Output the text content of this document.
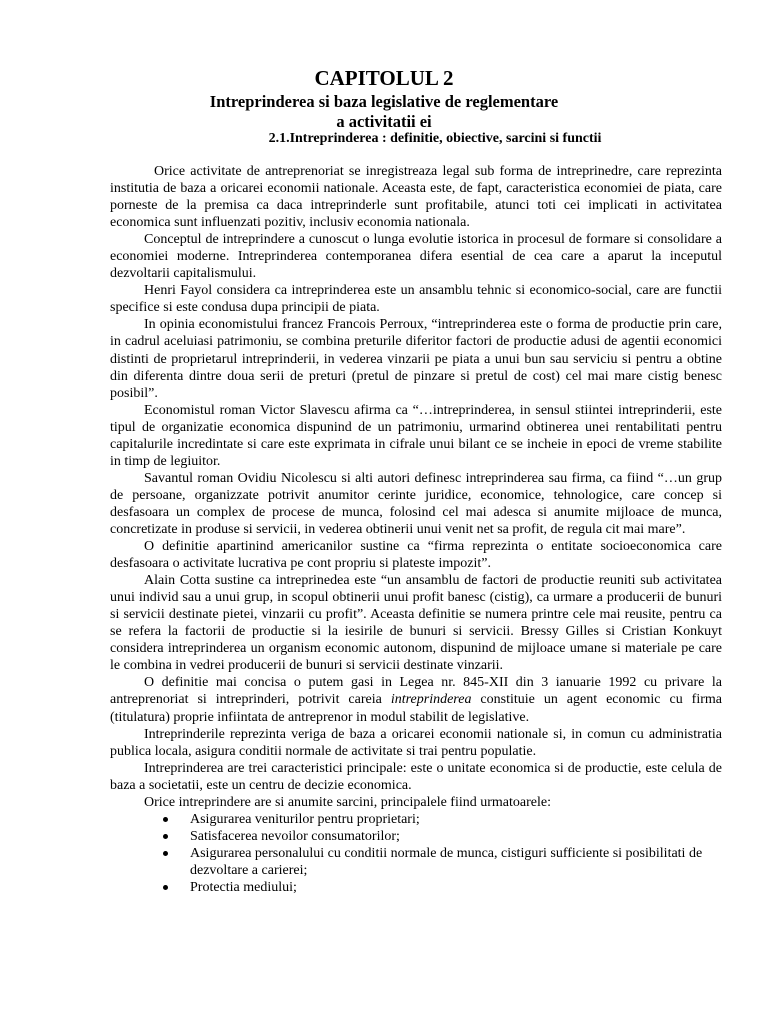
CAPITOLUL 2
Intreprinderea si baza legislative de reglementare
a activitatii ei
2.1.Intreprinderea : definitie, obiective, sarcini si functii

Orice activitate de antreprenoriat se inregistreaza legal sub forma de intreprinedre, care reprezinta institutia de baza a oricarei economii nationale. Aceasta este, de fapt, caracteristica economiei de piata, care porneste de la premisa ca daca intreprinderle sunt profitabile, atunci toti cei implicati in activitatea economica sunt influenzati pozitiv, inclusiv economia nationala.

Conceptul de intreprindere a cunoscut o lunga evolutie istorica in procesul de formare si consolidare a economiei moderne. Intreprinderea contemporaneа difera esential de cea care a aparut la inceputul dezvoltarii capitalismului.

Henri Fayol considera ca intreprinderea este un ansamblu tehnic si economico-social, care are functii specifice si este condusa dupa principii de piata.

In opinia economistului francez Francois Perroux, “intreprinderea este o forma de productie prin care, in cadrul aceluiasi patrimoniu, se combina preturile diferitor factori de productie adusi de agentii economici distinti de proprietarul intreprinderii, in vederea vinzarii pe piata a unui bun sau serviciu si pentru a obtine din diferenta dintre doua serii de preturi (pretul de pinzare si pretul de cost) cel mai mare cistig benesc posibil”.

Economistul roman Victor Slavescu afirma ca “…intreprinderea, in sensul stiintei intreprinderii, este tipul de organizatie economica dispunind de un patrimoniu, urmarind obtinerea unei rentabilitati pentru capitalurile incredintate si care este exprimata in cifrale unui bilant ce se incheie in epoci de vreme stabilite in timp de legiuitor.

Savantul roman Ovidiu Nicolescu si alti autori definesc intreprinderea sau firma, ca fiind “…un grup de persoane, organizzate potrivit anumitor cerinte juridice, economice, tehnologice, care concep si desfasoara un complex de procese de munca, folosind cel mai adesca si anumite mijloace de munca, concretizate in produse si servicii, in vederea obtinerii unui venit net sa profit, de regula cit mai mare”.

O definitie apartinind americanilor sustine ca “firma reprezinta o entitate socioeconomica care desfasoara o activitate lucrativa pe cont propriu si plateste impozit”.

Alain Cotta sustine ca intreprinedea este “un ansamblu de factori de productie reuniti sub activitatea unui individ sau a unui grup, in scopul obtinerii unui profit banesc (cistig), ca urmare a producerii de bunuri si servicii destinate pietei, vinzarii cu profit”. Aceasta definitie se numera printre cele mai reusite, pentru ca se refera la factorii de productie si la iesirile de bunuri si servicii. Bressy Gilles si Cristian Konkuyt considera intreprinderea un organism economic autonom, dispunind de mijloace umane si materiale pe care le combina in vedrei producerii de bunuri si servicii destinate vinzarii.

O definitie mai concisa o putem gasi in Legea nr. 845-XII din 3 ianuarie 1992 cu privare la antreprenoriat si intreprinderi, potrivit careia intreprinderea constituie un agent economic cu firma (titulatura) proprie infiintata de antreprenor in modul stabilit de legislative.

Intreprinderile reprezinta veriga de baza a oricarei economii nationale si, in comun cu administratia publica locala, asigura conditii normale de activitate si trai pentru populatie.

Intreprinderea are trei caracteristici principale: este o unitate economica si de productie, este celula de baza a societatii, este un centru de decizie economica.

Orice intreprindere are si anumite sarcini, principalele fiind urmatoarele:

Asigurarea veniturilor pentru proprietari;
Satisfacerea nevoilor consumatorilor;
Asigurarea personalului cu conditii normale de munca, cistiguri sufficiente si posibilitati de dezvoltare a carierei;
Protectia mediului;
